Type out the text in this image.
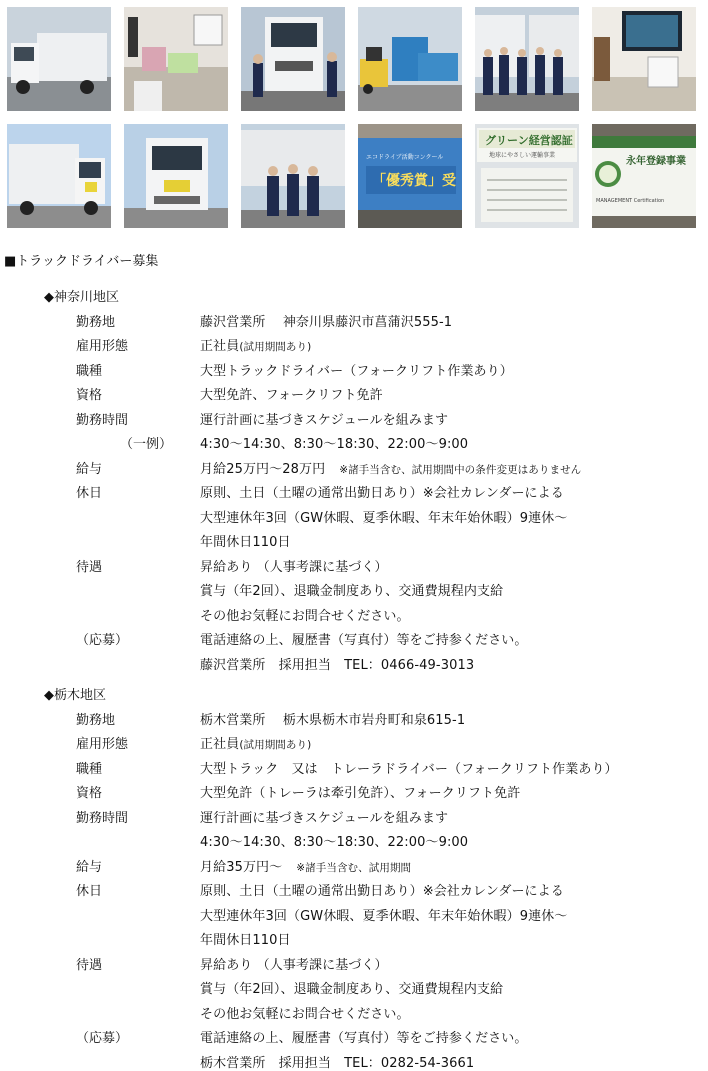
エコドライブ活動コンクール
「優秀賞」受
グリーン経営認証
地球にやさしい運輸事業
永年登録事業
MANAGEMENT Certification
■トラックドライバー募集
◆神奈川地区
勤務地	藤沢営業所　 神奈川県藤沢市菖蒲沢555-1
雇用形態	正社員(試用期間あり)
職種	大型トラックドライバー（フォークリフト作業あり）
資格	大型免許、フォークリフト免許
勤務時間	運行計画に基づきスケジュールを組みます
（一例）	4:30～14:30、8:30～18:30、22:00～9:00
給与	月給25万円～28万円 ※諸手当含む、試用期間中の条件変更はありません
休日	原則、土日（土曜の通常出勤日あり）※会社カレンダーによる
大型連休年3回（GW休暇、夏季休暇、年末年始休暇）9連休～
年間休日110日
待遇	昇給あり （人事考課に基づく）
賞与（年2回）、退職金制度あり、交通費規程内支給
その他お気軽にお問合せください。
（応募）	電話連絡の上、履歴書（写真付）等をご持参ください。
藤沢営業所　採用担当　TEL：0466-49-3013
◆栃木地区
勤務地	栃木営業所　 栃木県栃木市岩舟町和泉615-1
雇用形態	正社員(試用期間あり)
職種	大型トラック　又は　トレーラドライバー（フォークリフト作業あり）
資格	大型免許（トレーラは牽引免許）、フォークリフト免許
勤務時間	運行計画に基づきスケジュールを組みます
4:30～14:30、8:30～18:30、22:00～9:00
給与	月給35万円～ ※諸手当含む、試用期間
休日	原則、土日（土曜の通常出勤日あり）※会社カレンダーによる
大型連休年3回（GW休暇、夏季休暇、年末年始休暇）9連休～
年間休日110日
待遇	昇給あり （人事考課に基づく）
賞与（年2回）、退職金制度あり、交通費規程内支給
その他お気軽にお問合せください。
（応募）	電話連絡の上、履歴書（写真付）等をご持参ください。
栃木営業所　採用担当　TEL：0282-54-3661
